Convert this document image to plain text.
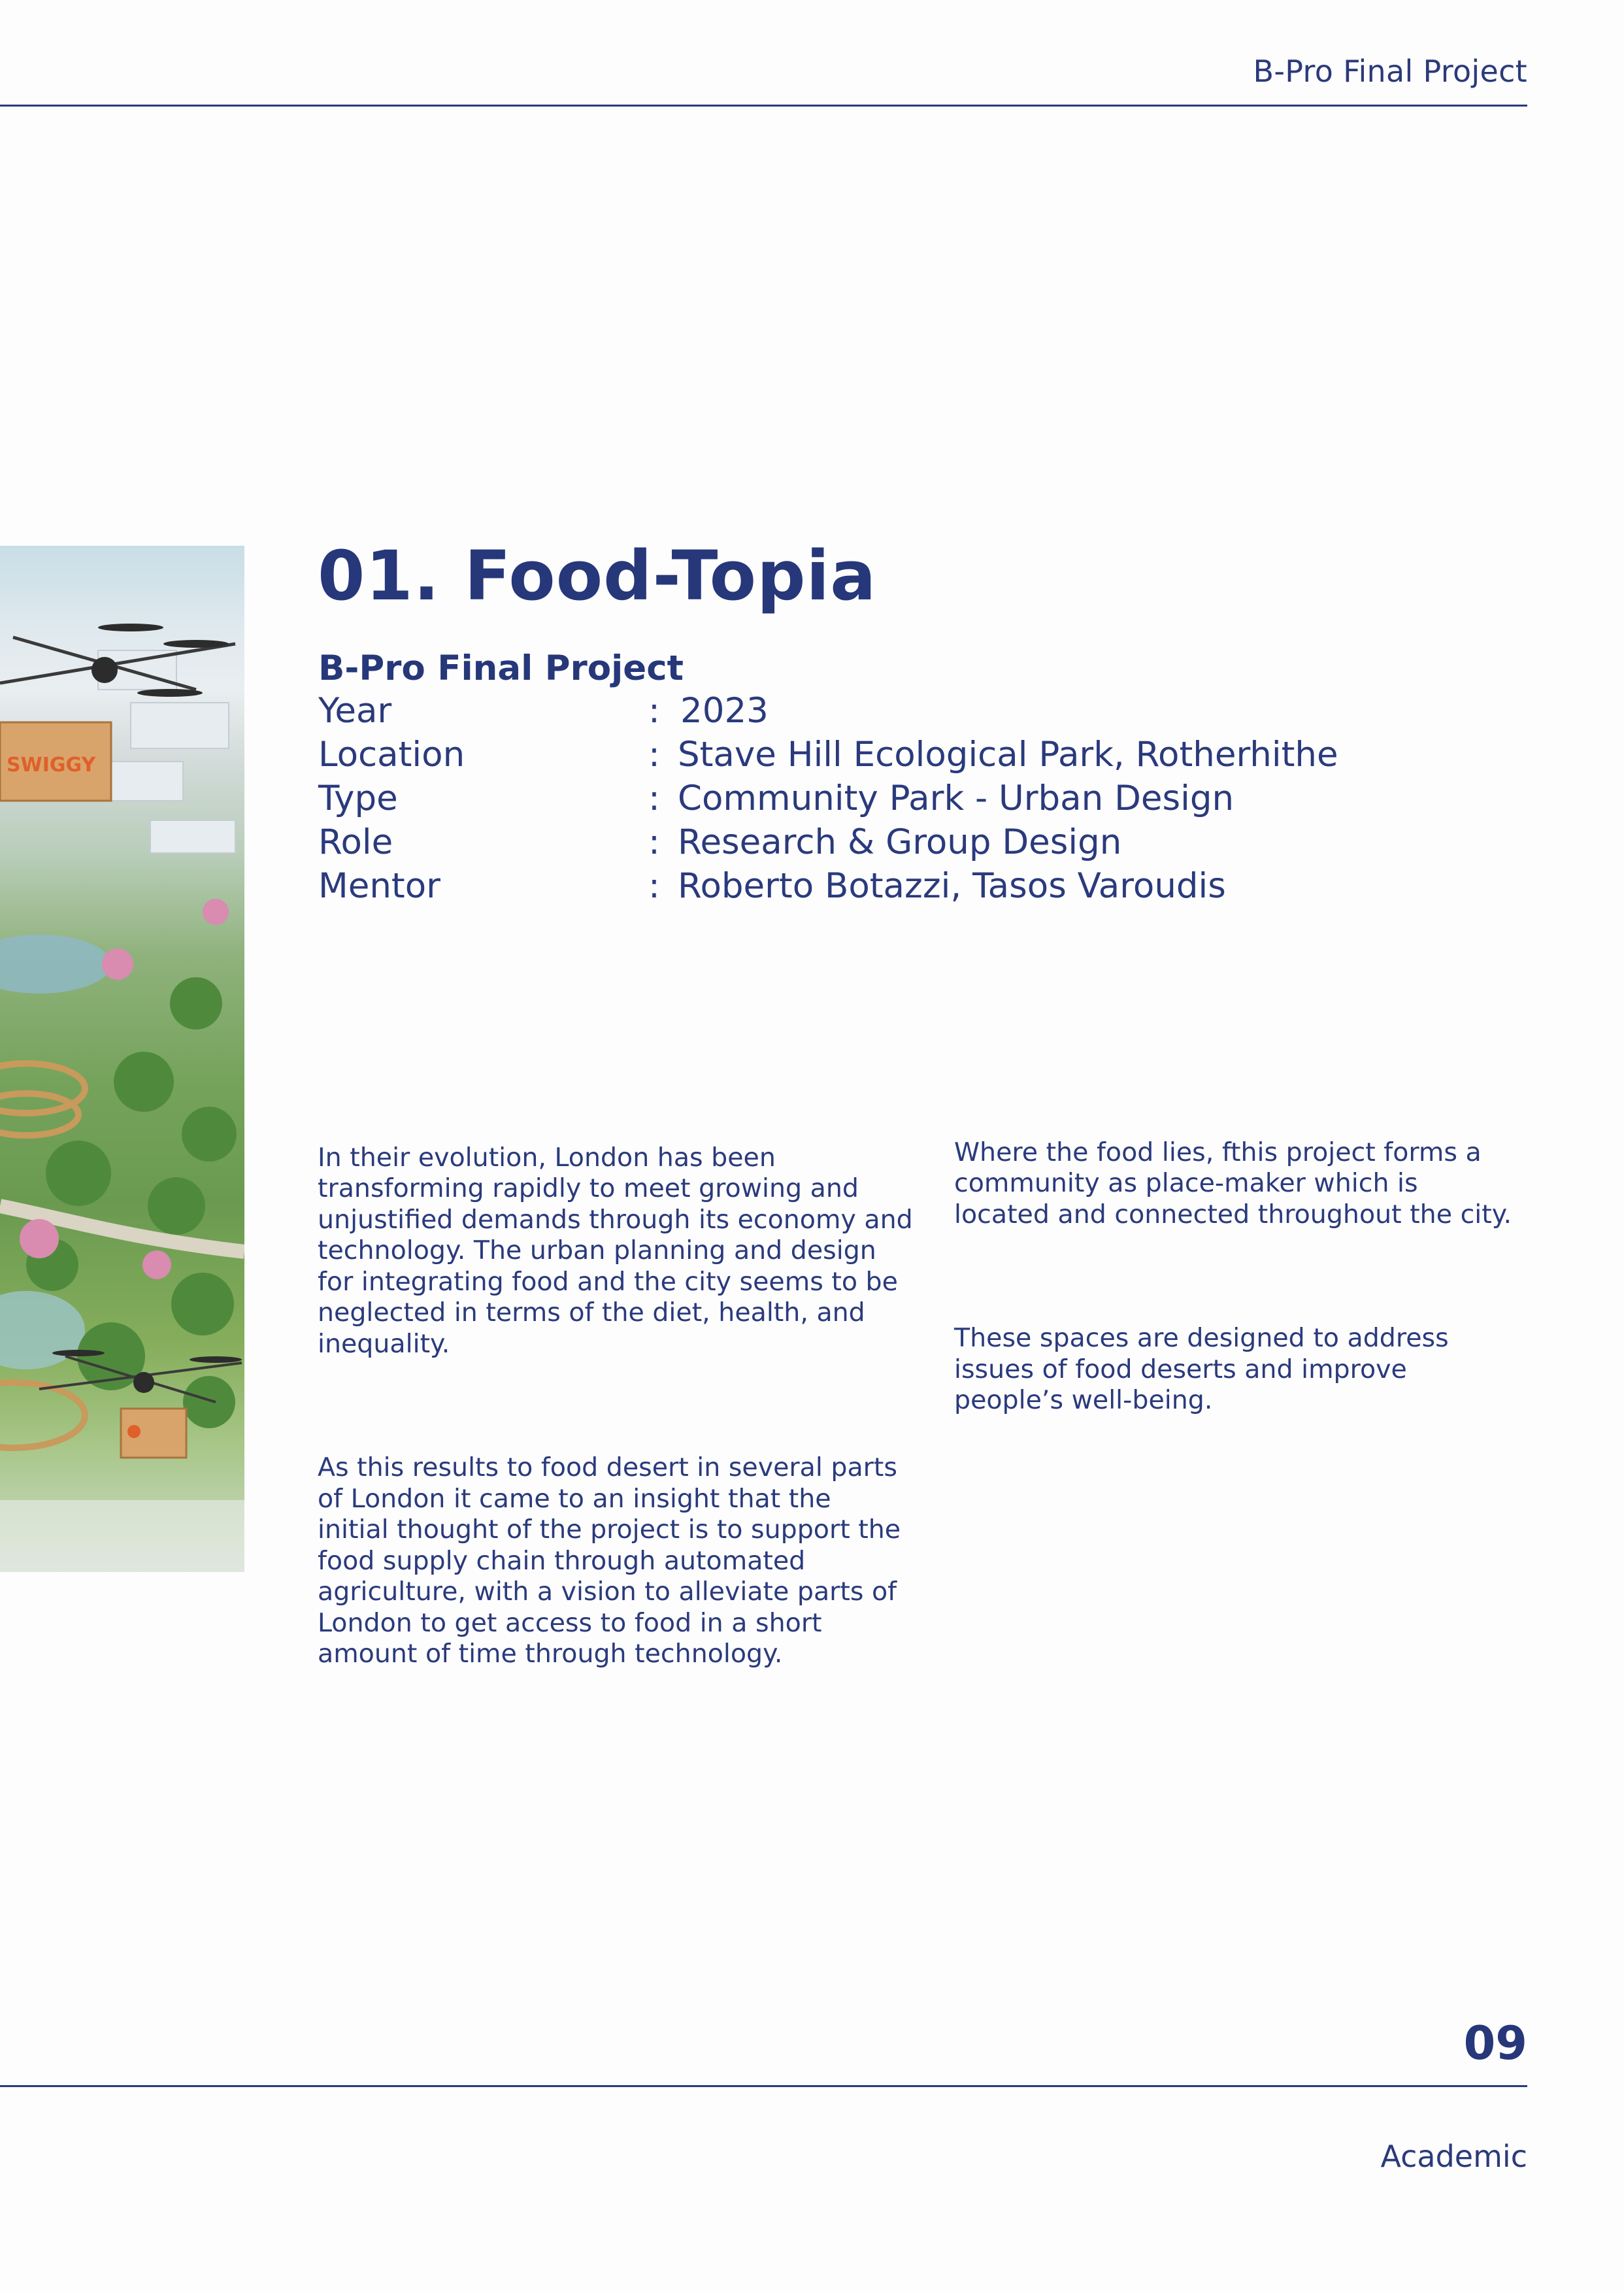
B-Pro Final Project
SWIGGY
01. Food-Topia
B-Pro Final Project
Year	: 2023
Location	: Stave Hill Ecological Park, Rotherhithe
Type	: Community Park - Urban Design
Role	: Research & Group Design
Mentor	: Roberto Botazzi, Tasos Varoudis

In their evolution, London has been
transforming rapidly to meet growing and
unjustified demands through its economy and
technology. The urban planning and design
for integrating food and the city seems to be
neglected in terms of the diet, health, and
inequality.

As this results to food desert in several parts
of London it came to an insight that the
initial thought of the project is to support the
food supply chain through automated
agriculture, with a vision to alleviate parts of
London to get access to food in a short
amount of time through technology.

Where the food lies, fthis project forms a
community as place-maker which is
located and connected throughout the city.

These spaces are designed to address
issues of food deserts and improve
people’s well-being.

09
Academic
